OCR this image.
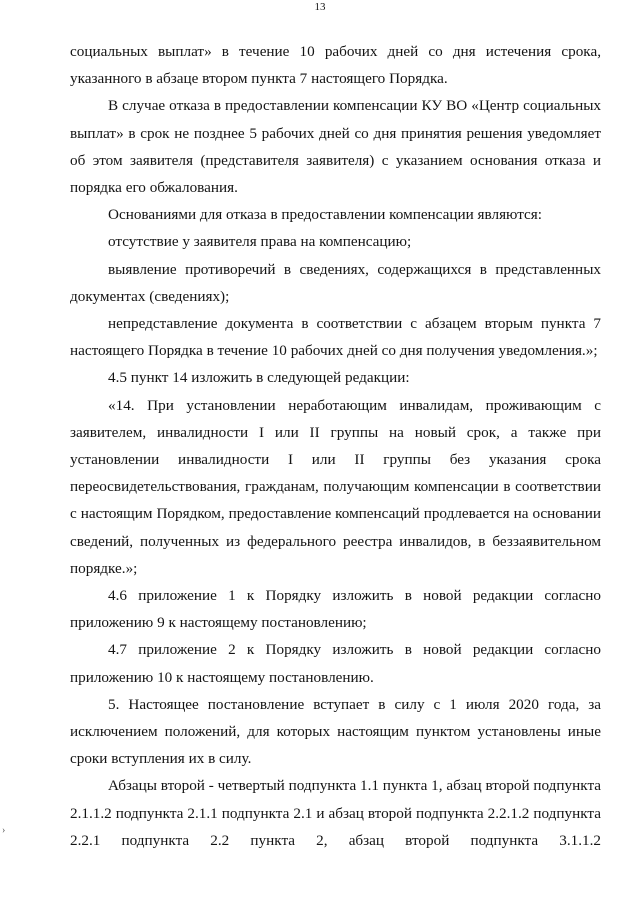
13

социальных выплат» в течение 10 рабочих дней со дня истечения срока, указанного в абзаце втором пункта 7 настоящего Порядка.

В случае отказа в предоставлении компенсации КУ ВО «Центр социальных выплат» в срок не позднее 5 рабочих дней со дня принятия решения уведомляет об этом заявителя (представителя заявителя) с указанием основания отказа и порядка его обжалования.

Основаниями для отказа в предоставлении компенсации являются:

отсутствие у заявителя права на компенсацию;

выявление противоречий в сведениях, содержащихся в представленных документах (сведениях);

непредставление документа в соответствии с абзацем вторым пункта 7 настоящего Порядка в течение 10 рабочих дней со дня получения уведомления.»;

4.5 пункт 14 изложить в следующей редакции:

«14. При установлении неработающим инвалидам, проживающим с заявителем, инвалидности I или II группы на новый срок, а также при установлении инвалидности I или II группы без указания срока переосвидетельствования, гражданам, получающим компенсации в соответствии с настоящим Порядком, предоставление компенсаций продлевается на основании сведений, полученных из федерального реестра инвалидов, в беззаявительном порядке.»;

4.6 приложение 1 к Порядку изложить в новой редакции согласно приложению 9 к настоящему постановлению;

4.7 приложение 2 к Порядку изложить в новой редакции согласно приложению 10 к настоящему постановлению.

5. Настоящее постановление вступает в силу с 1 июля 2020 года, за исключением положений, для которых настоящим пунктом установлены иные сроки вступления их в силу.

Абзацы второй - четвертый подпункта 1.1 пункта 1, абзац второй подпункта 2.1.1.2 подпункта 2.1.1 подпункта 2.1 и абзац второй подпункта 2.2.1.2 подпункта 2.2.1 подпункта 2.2 пункта 2, абзац второй подпункта 3.1.1.2

›
